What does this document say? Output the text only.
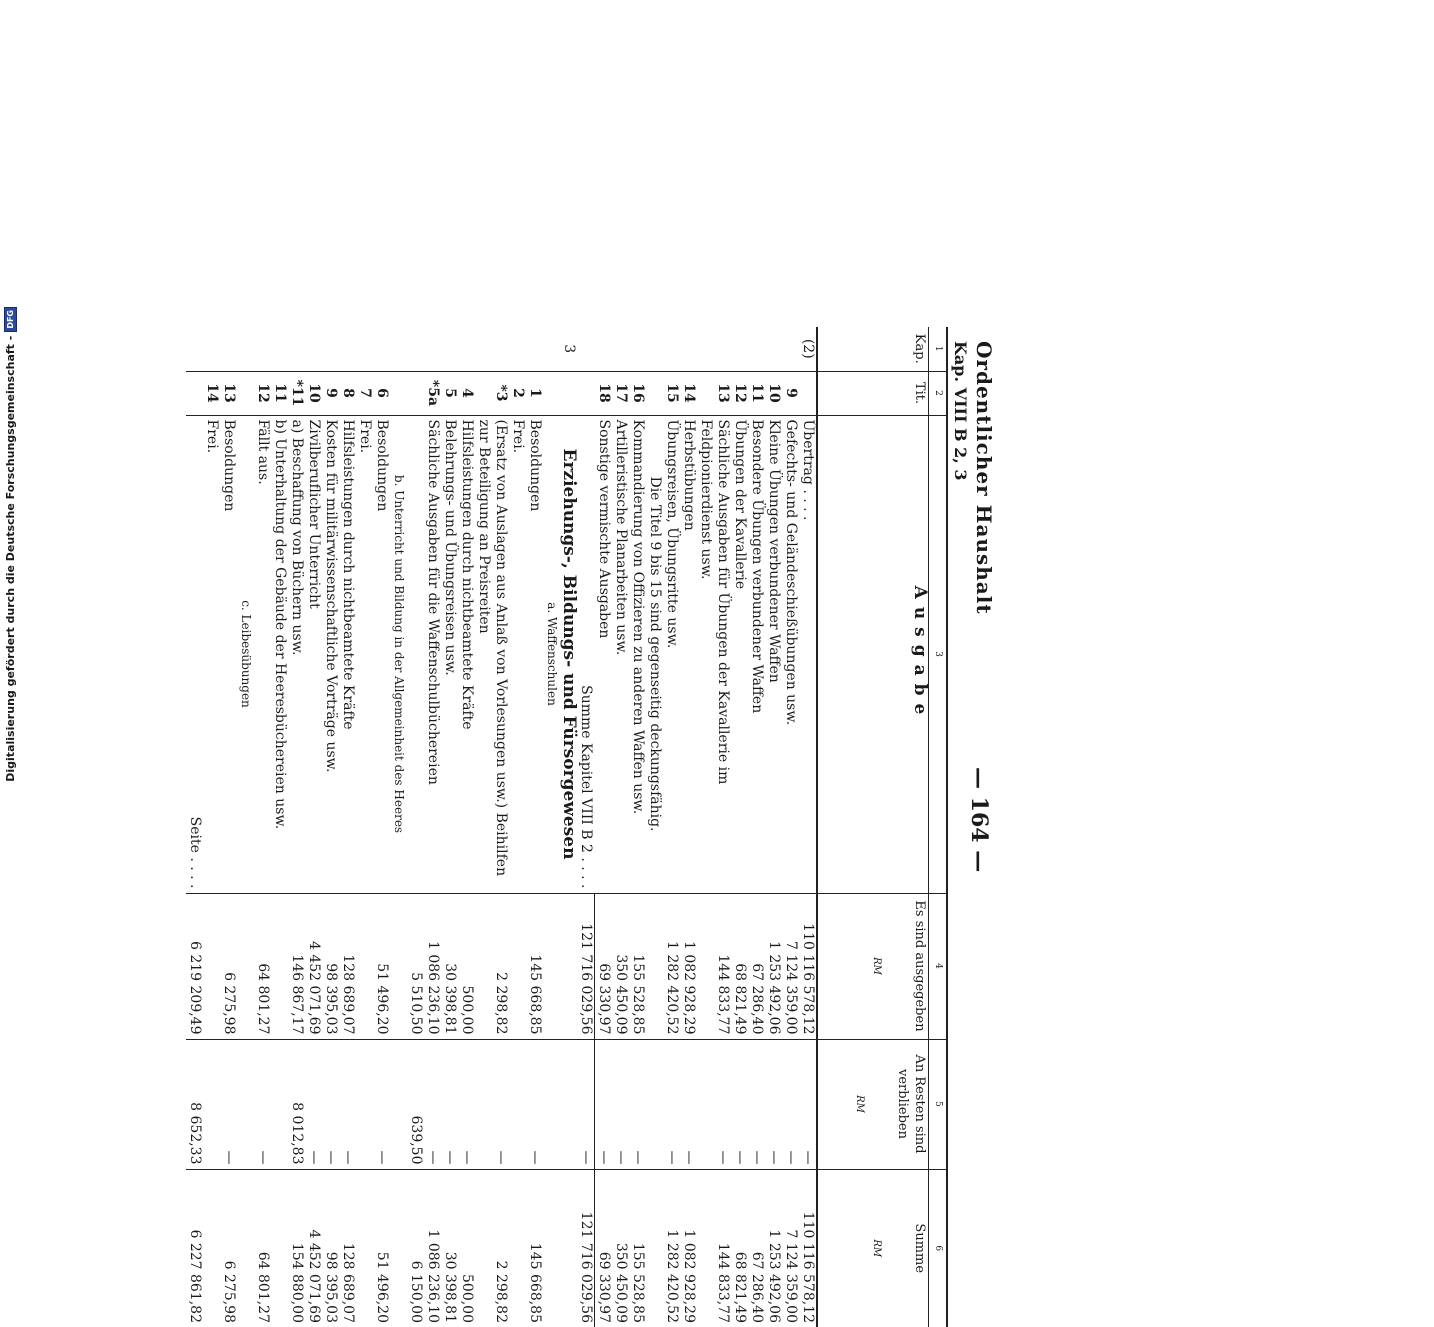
Digitalisierung gefördert durch die Deutsche Forschungsgemeinschaft -
DFG
Ordentlicher Haushalt
Kap. VIII B 2, 3
— 164 —
1	2	3	4	5	6
Kap.	Tit.	Ausgabe	Es sind ausgegeben
RM	An Resten sind verblieben
RM	Summe
RM

(2)		Übertrag . . . .	110 116 578,12	—	110 116 578,12
	9	Gefechts- und Geländeschießübungen usw.	7 124 359,00	—	7 124 359,00
	10	Kleine Übungen verbundener Waffen	1 253 492,06	—	1 253 492,06
	11	Besondere Übungen verbundener Waffen	67 286,40	—	67 286,40
	12	Übungen der Kavallerie	68 821,49	—	68 821,49
	13	Sächliche Ausgaben für Übungen der Kavallerie im Feldpionierdienst usw.	144 833,77	—	144 833,77
	14	Herbstübungen	1 082 928,29	—	1 082 928,29
	15	Übungsreisen, Übungsritte usw.	1 282 420,52	—	1 282 420,52
		Die Titel 9 bis 15 sind gegenseitig deckungsfähig.			
	16	Kommandierung von Offizieren zu anderen Waffen usw.	155 528,85	—	155 528,85
	17	Artilleristische Planarbeiten usw.	350 450,09	—	350 450,09
	18	Sonstige vermischte Ausgaben	69 330,97	—	69 330,97
		Summe Kapitel VIII B 2 . . . .	121 716 029,56	—	121 716 029,56
3		Erziehungs-, Bildungs- und Fürsorgewesen			
		a. Waffenschulen			
	1	Besoldungen	145 668,85	—	145 668,85
	2	Frei.			
	*3	(Ersatz von Auslagen aus Anlaß von Vorlesungen usw.) Beihilfen zur Beteiligung an Preisreiten	2 298,82	—	2 298,82
	4	Hilfsleistungen durch nichtbeamtete Kräfte	500,00	—	500,00
	5	Belehrungs- und Übungsreisen usw.	30 398,81	—	30 398,81
	*5a	Sächliche Ausgaben für die Waffenschulbüchereien	1 086 236,10	—	1 086 236,10
			5 510,50	639,50	6 150,00
		b. Unterricht und Bildung in der Allgemeinheit des Heeres			
	6	Besoldungen	51 496,20	—	51 496,20
	7	Frei.			
	8	Hilfsleistungen durch nichtbeamtete Kräfte	128 689,07	—	128 689,07
	9	Kosten für militärwissenschaftliche Vorträge usw.	98 395,03	—	98 395,03
	10	Zivilberuflicher Unterricht	4 452 071,69	—	4 452 071,69
	*11	a) Beschaffung von Büchern usw.	146 867,17	8 012,83	154 880,00
	11	b) Unterhaltung der Gebäude der Heeresbüchereien usw.			
	12	Fällt aus.	64 801,27	—	64 801,27
		c. Leibesübungen			
	13	Besoldungen	6 275,98	—	6 275,98
	14	Frei.			
		Seite . . . .	6 219 209,49	8 652,33	6 227 861,82
